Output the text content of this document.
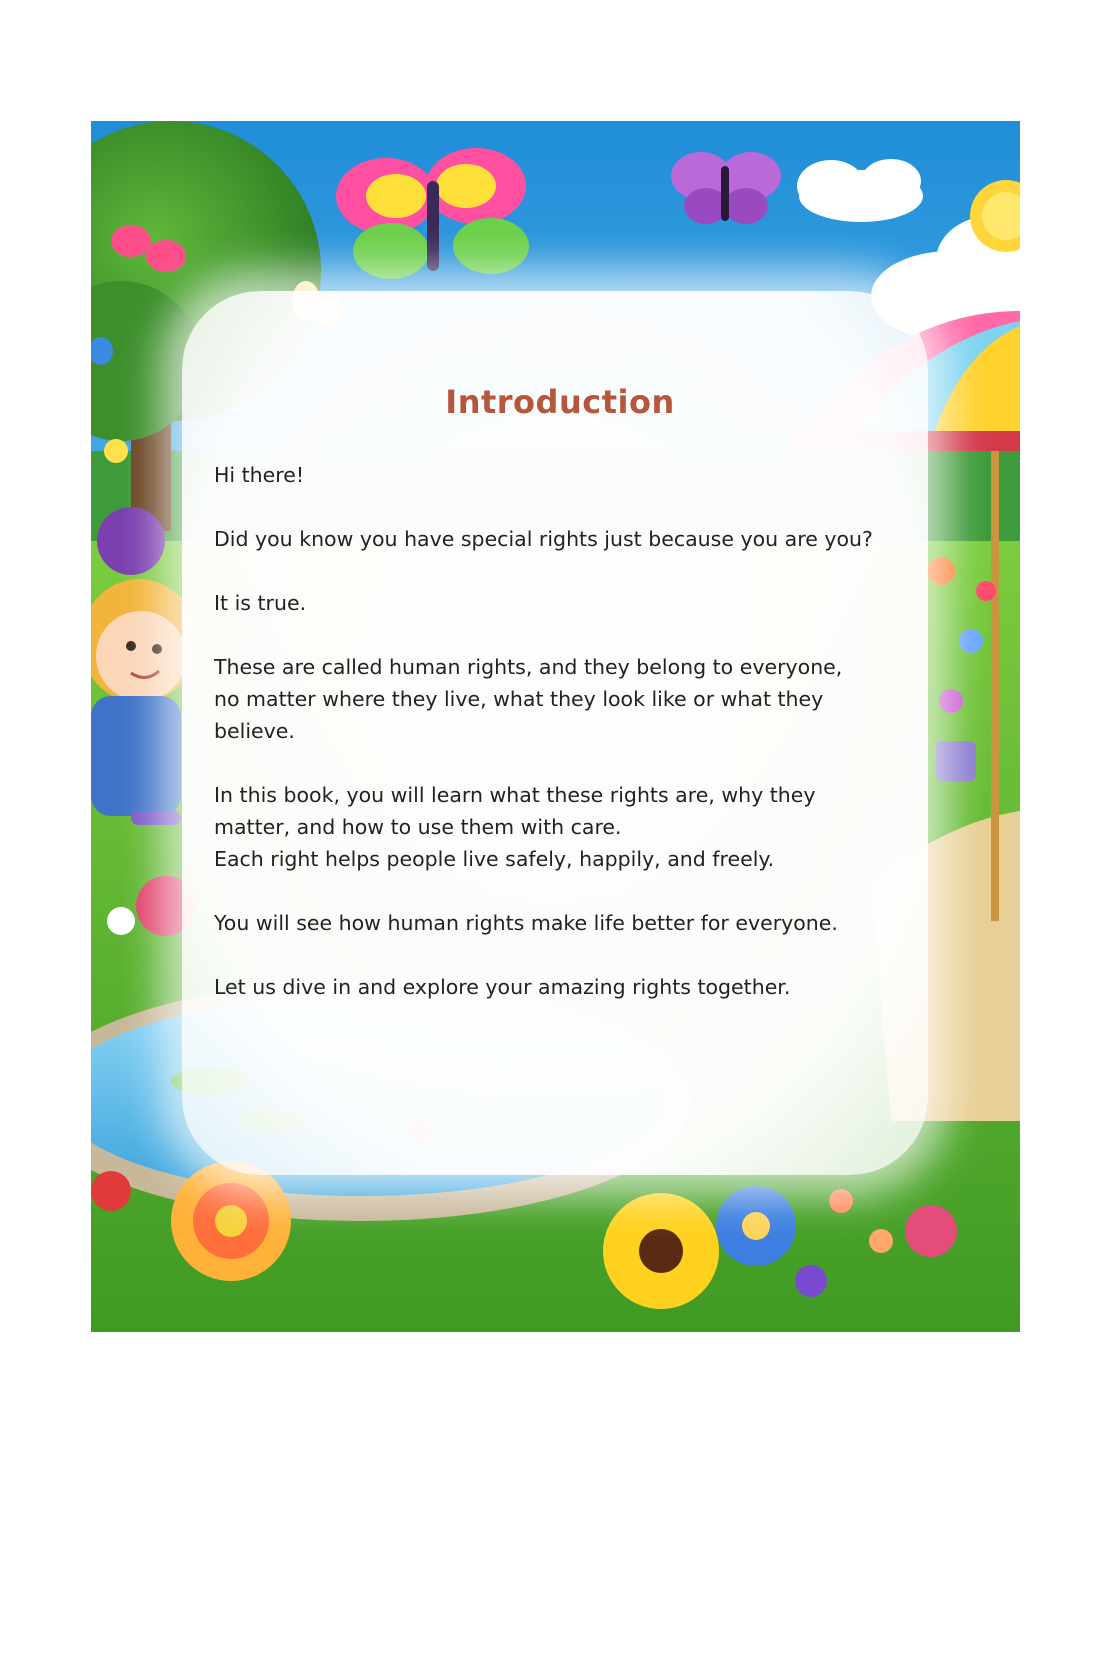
Introduction

Hi there!

Did you know you have special rights just because you are you?

It is true.

These are called human rights, and they belong to everyone, no matter where they live, what they look like or what they believe.

In this book, you will learn what these rights are, why they matter, and how to use them with care.

Each right helps people live safely, happily, and freely.

You will see how human rights make life better for everyone.

Let us dive in and explore your amazing rights together.
